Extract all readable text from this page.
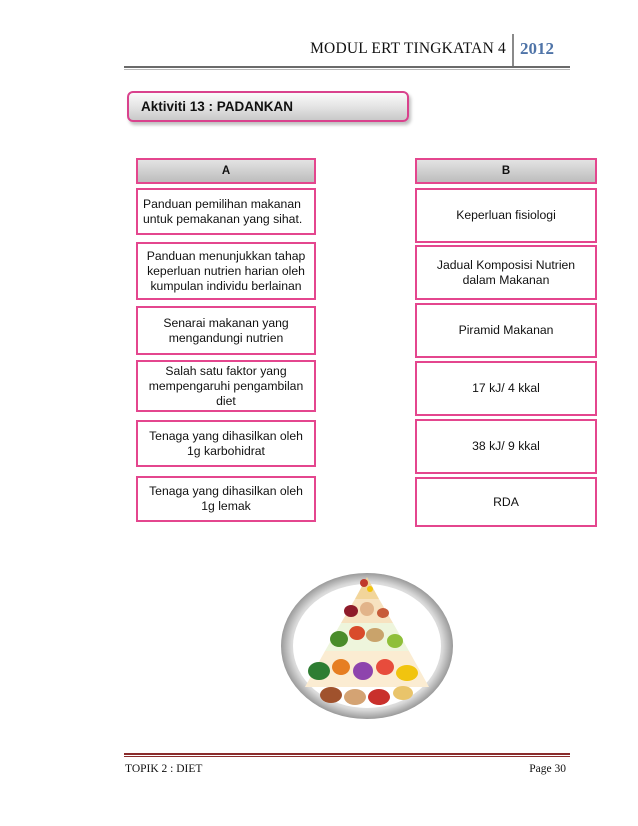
MODUL ERT TINGKATAN 4 2012
Aktiviti 13 : PADANKAN
A
Panduan pemilihan makanan
untuk pemakanan yang sihat.
Panduan menunjukkan tahap
keperluan nutrien harian oleh
kumpulan individu berlainan
Senarai makanan yang
mengandungi nutrien
Salah satu faktor yang
mempengaruhi pengambilan
diet
Tenaga yang dihasilkan oleh
1g karbohidrat
Tenaga yang dihasilkan oleh
1g lemak
B
Keperluan fisiologi
Jadual Komposisi Nutrien
dalam Makanan
Piramid Makanan
17 kJ/ 4 kkal
38 kJ/ 9 kkal
RDA
TOPIK 2 : DIET	Page 30
